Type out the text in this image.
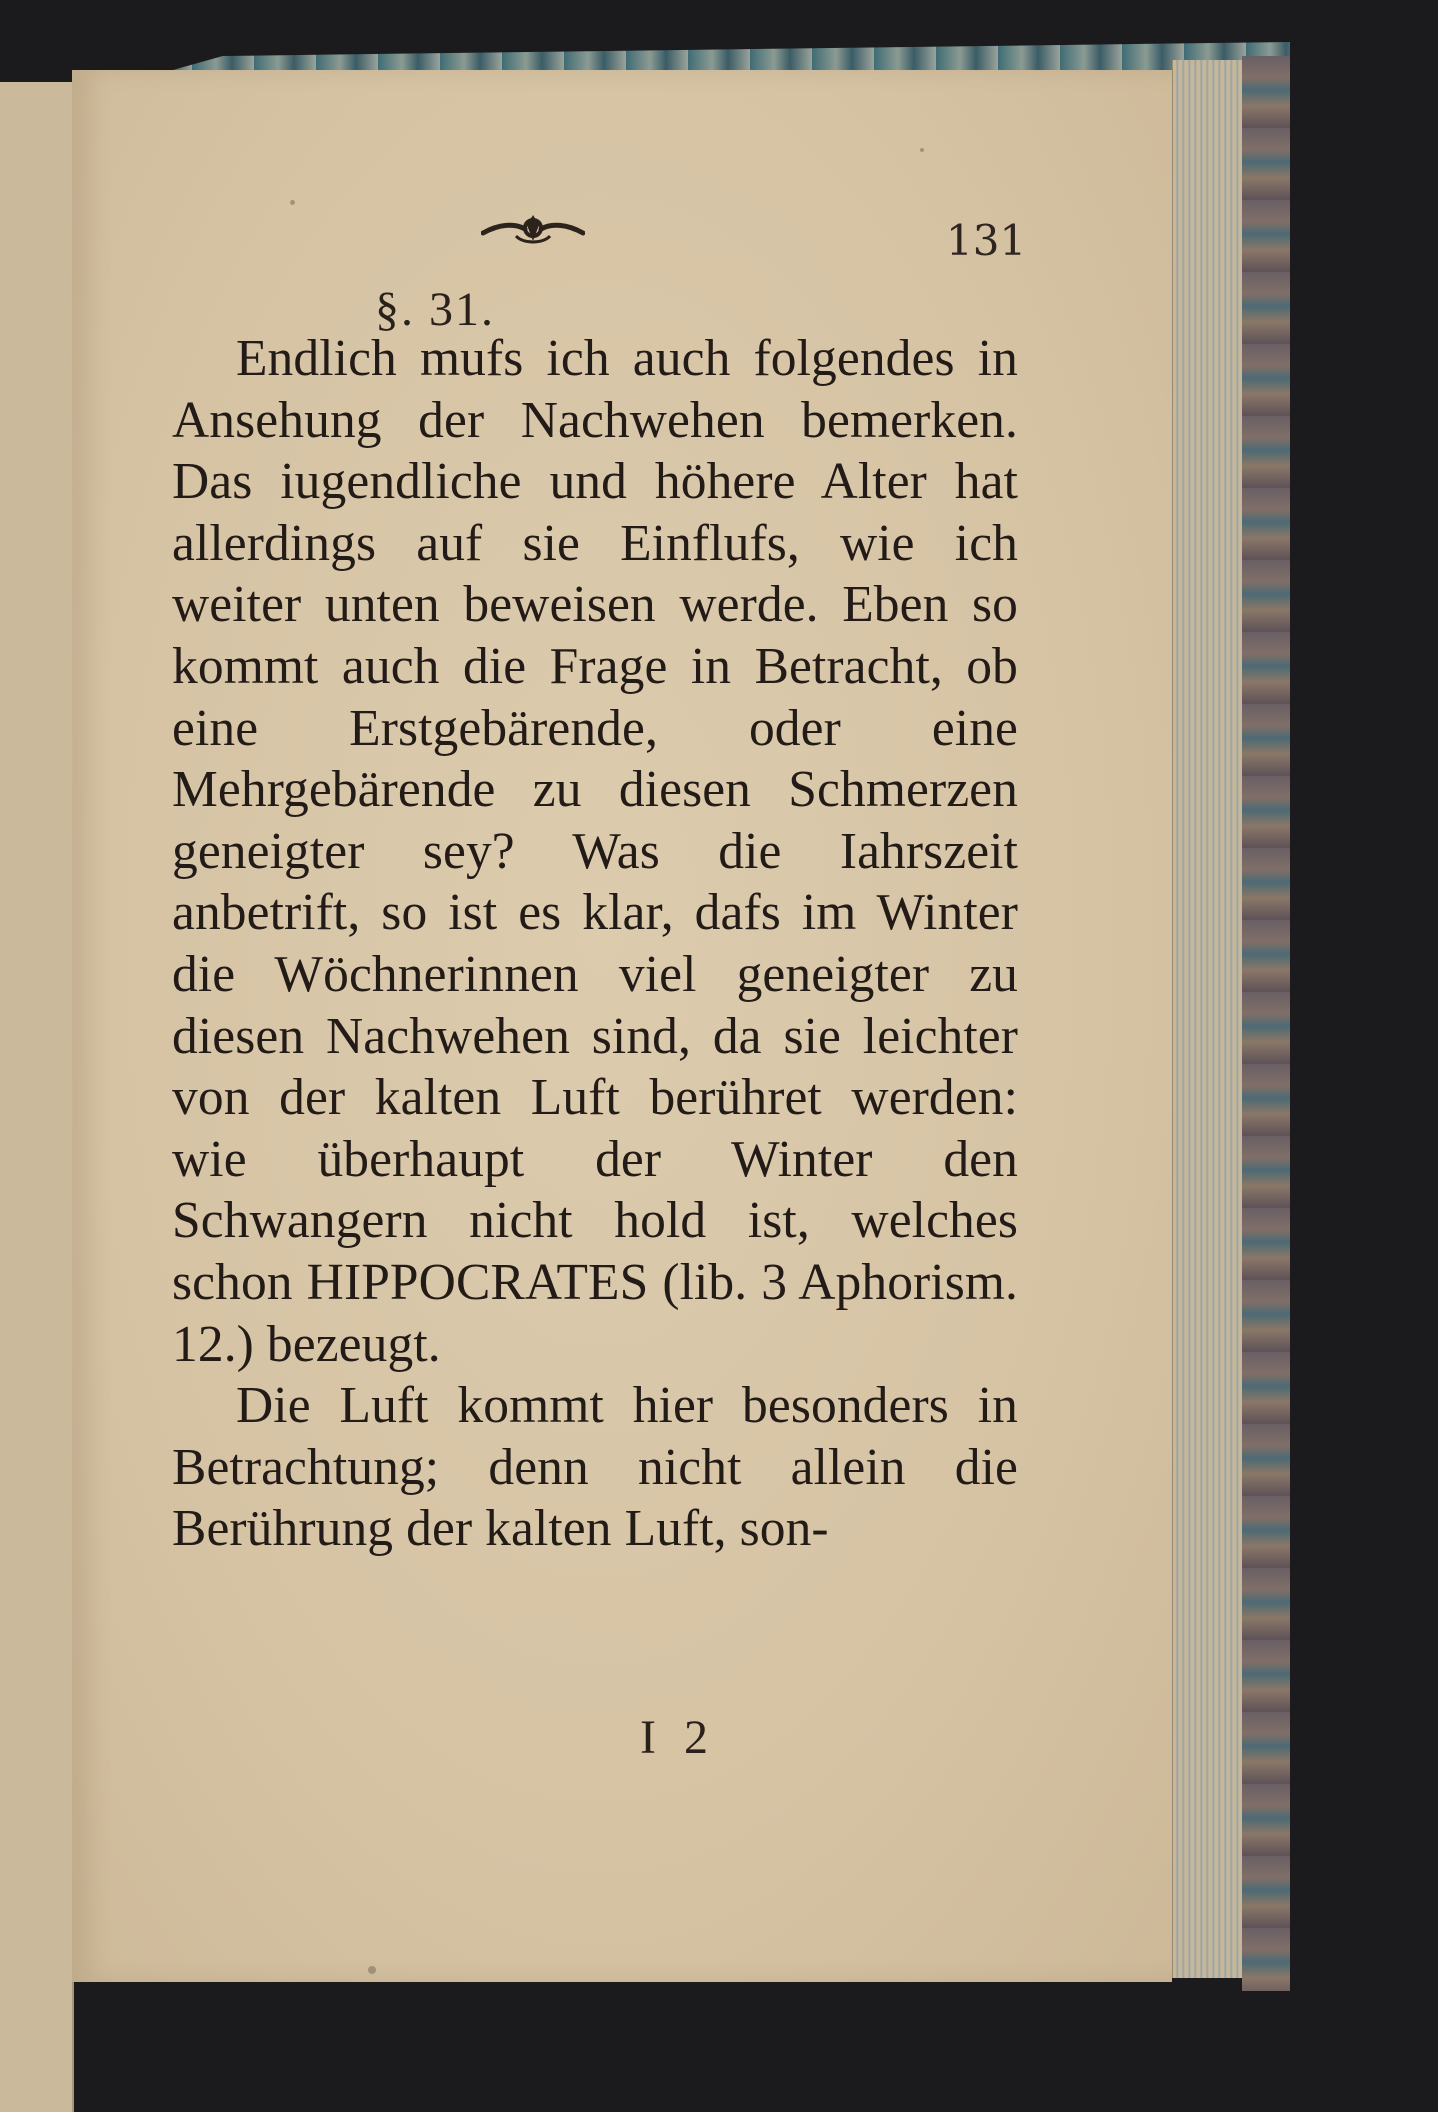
131
§. 31.

Endlich mufs ich auch folgendes in Ansehung der Nachwehen bemerken. Das iugendliche und höhere Alter hat allerdings auf sie Einflufs, wie ich weiter unten beweisen werde. Eben so kommt auch die Frage in Betracht, ob eine Erstgebärende, oder eine Mehrgebärende zu diesen Schmerzen geneigter sey? Was die Iahrszeit anbetrift, so ist es klar, dafs im Winter die Wöchnerinnen viel geneigter zu diesen Nachwehen sind, da sie leichter von der kalten Luft berühret werden: wie überhaupt der Winter den Schwangern nicht hold ist, welches schon HIPPOCRATES (lib. 3 Aphorism. 12.) bezeugt.

Die Luft kommt hier besonders in Betrachtung; denn nicht allein die Berührung der kalten Luft, son-

I 2
